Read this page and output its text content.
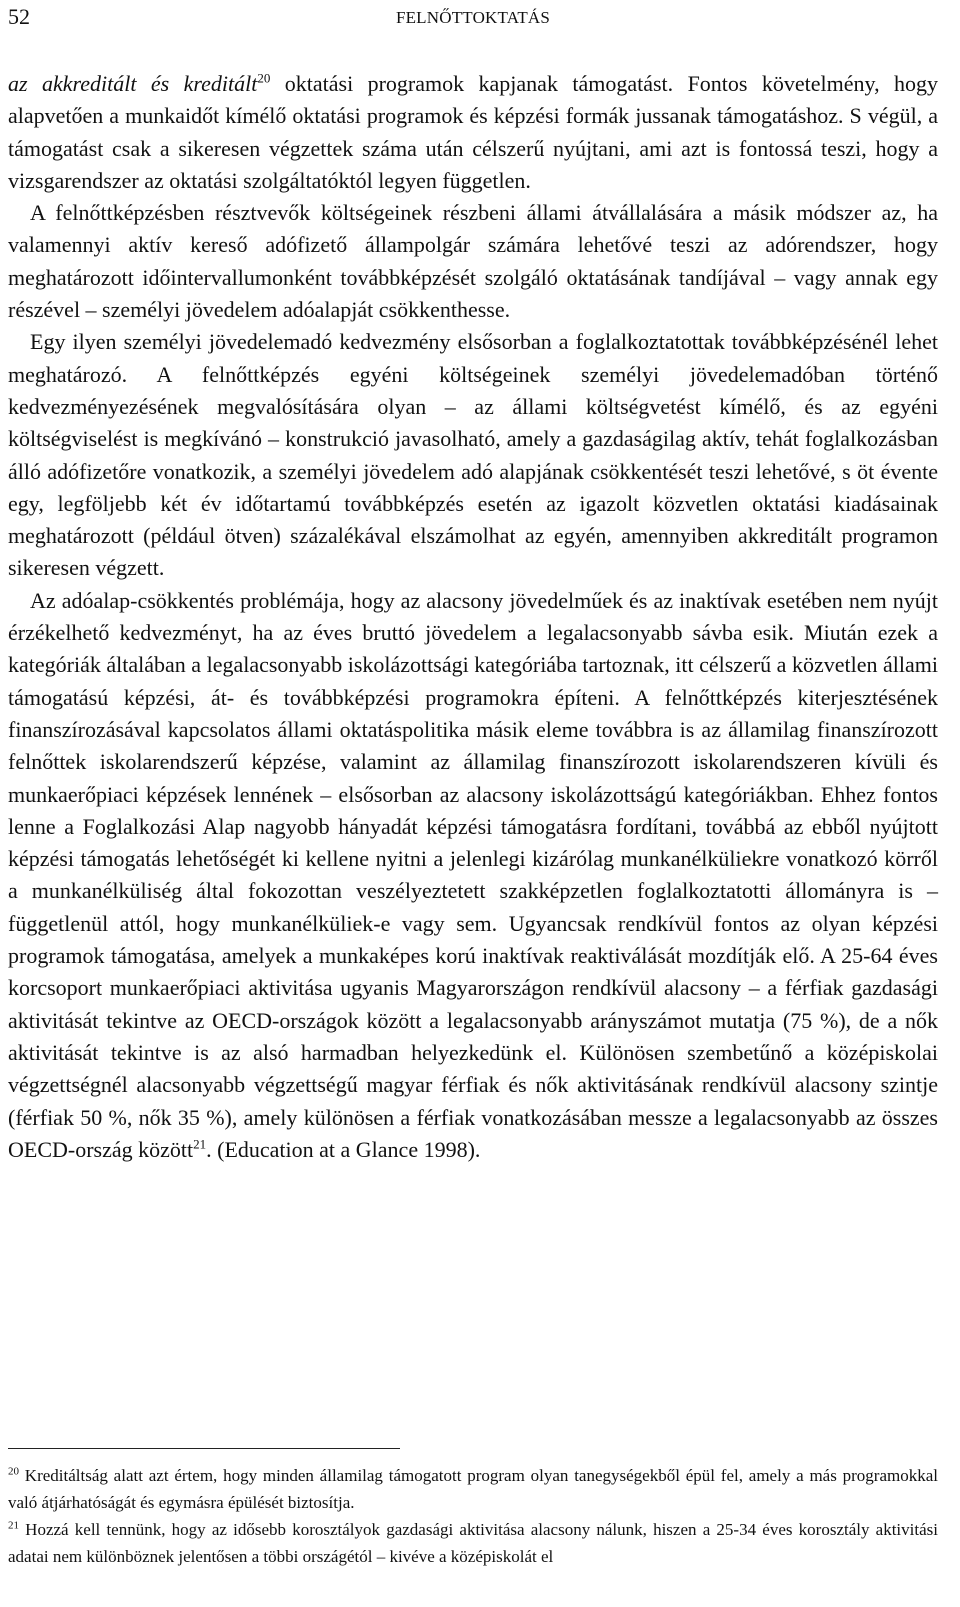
52	FELNŐTTOKTATÁS

az akkreditált és kreditált$^{20}$ oktatási programok kapjanak támogatást. Fontos követelmény, hogy alapvetően a munkaidőt kímélő oktatási programok és képzési formák jussanak támogatáshoz. S végül, a támogatást csak a sikeresen végzettek száma után célszerű nyújtani, ami azt is fontossá teszi, hogy a vizsgarendszer az oktatási szolgáltatóktól legyen független.

A felnőttképzésben résztvevők költségeinek részbeni állami átvállalására a másik módszer az, ha valamennyi aktív kereső adófizető állampolgár számára lehetővé teszi az adórendszer, hogy meghatározott időintervallumonként továbbképzését szolgáló oktatásának tandíjával – vagy annak egy részével – személyi jövedelem adóalapját csökkenthesse.

Egy ilyen személyi jövedelemadó kedvezmény elsősorban a foglalkoztatottak továbbképzésénél lehet meghatározó. A felnőttképzés egyéni költségeinek személyi jövedelemadóban történő kedvezményezésének megvalósítására olyan – az állami költségvetést kímélő, és az egyéni költségviselést is megkívánó – konstrukció javasolható, amely a gazdaságilag aktív, tehát foglalkozásban álló adófizetőre vonatkozik, a személyi jövedelem adó alapjának csökkentését teszi lehetővé, s öt évente egy, legföljebb két év időtartamú továbbképzés esetén az igazolt közvetlen oktatási kiadásainak meghatározott (például ötven) százalékával elszámolhat az egyén, amennyiben akkreditált programon sikeresen végzett.

Az adóalap-csökkentés problémája, hogy az alacsony jövedelműek és az inaktívak esetében nem nyújt érzékelhető kedvezményt, ha az éves bruttó jövedelem a legalacsonyabb sávba esik. Miután ezek a kategóriák általában a legalacsonyabb iskolázottsági kategóriába tartoznak, itt célszerű a közvetlen állami támogatású képzési, át- és továbbképzési programokra építeni. A felnőttképzés kiterjesztésének finanszírozásával kapcsolatos állami oktatáspolitika másik eleme továbbra is az államilag finanszírozott felnőttek iskolarendszerű képzése, valamint az államilag finanszírozott iskolarendszeren kívüli és munkaerőpiaci képzések lennének – elsősorban az alacsony iskolázottságú kategóriákban. Ehhez fontos lenne a Foglalkozási Alap nagyobb hányadát képzési támogatásra fordítani, továbbá az ebből nyújtott képzési támogatás lehetőségét ki kellene nyitni a jelenlegi kizárólag munkanélküliekre vonatkozó körről a munkanélküliség által fokozottan veszélyeztetett szakképzetlen foglalkoztatotti állományra is – függetlenül attól, hogy munkanélküliek-e vagy sem. Ugyancsak rendkívül fontos az olyan képzési programok támogatása, amelyek a munkaképes korú inaktívak reaktiválását mozdítják elő. A 25-64 éves korcsoport munkaerőpiaci aktivitása ugyanis Magyarországon rendkívül alacsony – a férfiak gazdasági aktivitását tekintve az OECD-országok között a legalacsonyabb arányszámot mutatja (75 %), de a nők aktivitását tekintve is az alsó harmadban helyezkedünk el. Különösen szembetűnő a középiskolai végzettségnél alacsonyabb végzettségű magyar férfiak és nők aktivitásának rendkívül alacsony szintje (férfiak 50 %, nők 35 %), amely különösen a férfiak vonatkozásában messze a legalacsonyabb az összes OECD-ország között$^{21}$. (Education at a Glance 1998).

$^{20}$ Kreditáltság alatt azt értem, hogy minden államilag támogatott program olyan tanegységekből épül fel, amely a más programokkal való átjárhatóságát és egymásra épülését biztosítja.

$^{21}$ Hozzá kell tennünk, hogy az idősebb korosztályok gazdasági aktivitása alacsony nálunk, hiszen a 25-34 éves korosztály aktivitási adatai nem különböznek jelentősen a többi országétól – kivéve a középiskolát el
